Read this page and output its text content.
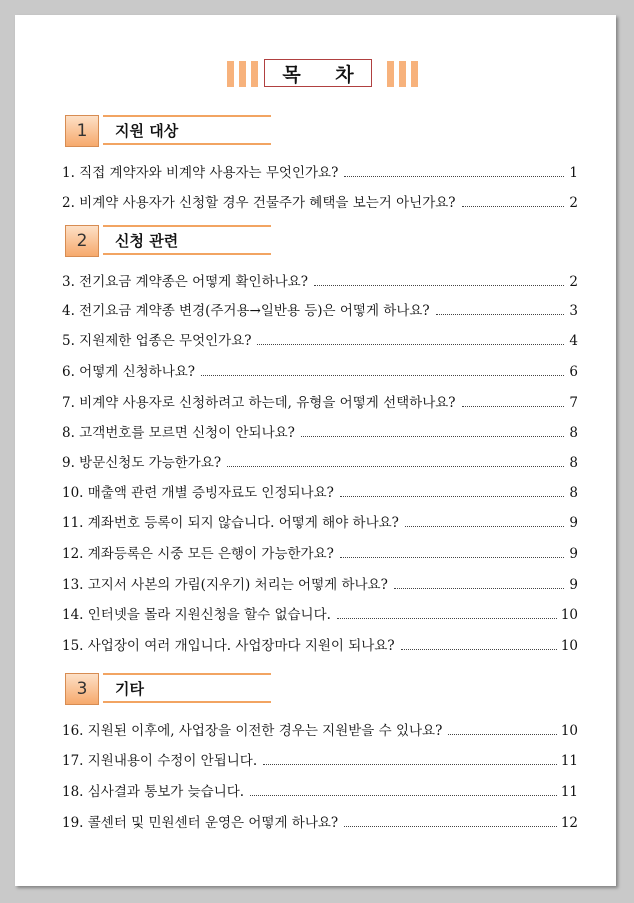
목 차
1	지원 대상
1. 직접 계약자와 비계약 사용자는 무엇인가요?	1
2. 비계약 사용자가 신청할 경우 건물주가 혜택을 보는거 아닌가요?	2
2	신청 관련
3. 전기요금 계약종은 어떻게 확인하나요?	2
4. 전기요금 계약종 변경(주거용→일반용 등)은 어떻게 하나요?	3
5. 지원제한 업종은 무엇인가요?	4
6. 어떻게 신청하나요?	6
7. 비계약 사용자로 신청하려고 하는데, 유형을 어떻게 선택하나요?	7
8. 고객번호를 모르면 신청이 안되나요?	8
9. 방문신청도 가능한가요?	8
10. 매출액 관련 개별 증빙자료도 인정되나요?	8
11. 계좌번호 등록이 되지 않습니다. 어떻게 해야 하나요?	9
12. 계좌등록은 시중 모든 은행이 가능한가요?	9
13. 고지서 사본의 가림(지우기) 처리는 어떻게 하나요?	9
14. 인터넷을 몰라 지원신청을 할수 없습니다.	10
15. 사업장이 여러 개입니다. 사업장마다 지원이 되나요?	10
3	기타
16. 지원된 이후에, 사업장을 이전한 경우는 지원받을 수 있나요?	10
17. 지원내용이 수정이 안됩니다.	11
18. 심사결과 통보가 늦습니다.	11
19. 콜센터 및 민원센터 운영은 어떻게 하나요?	12
